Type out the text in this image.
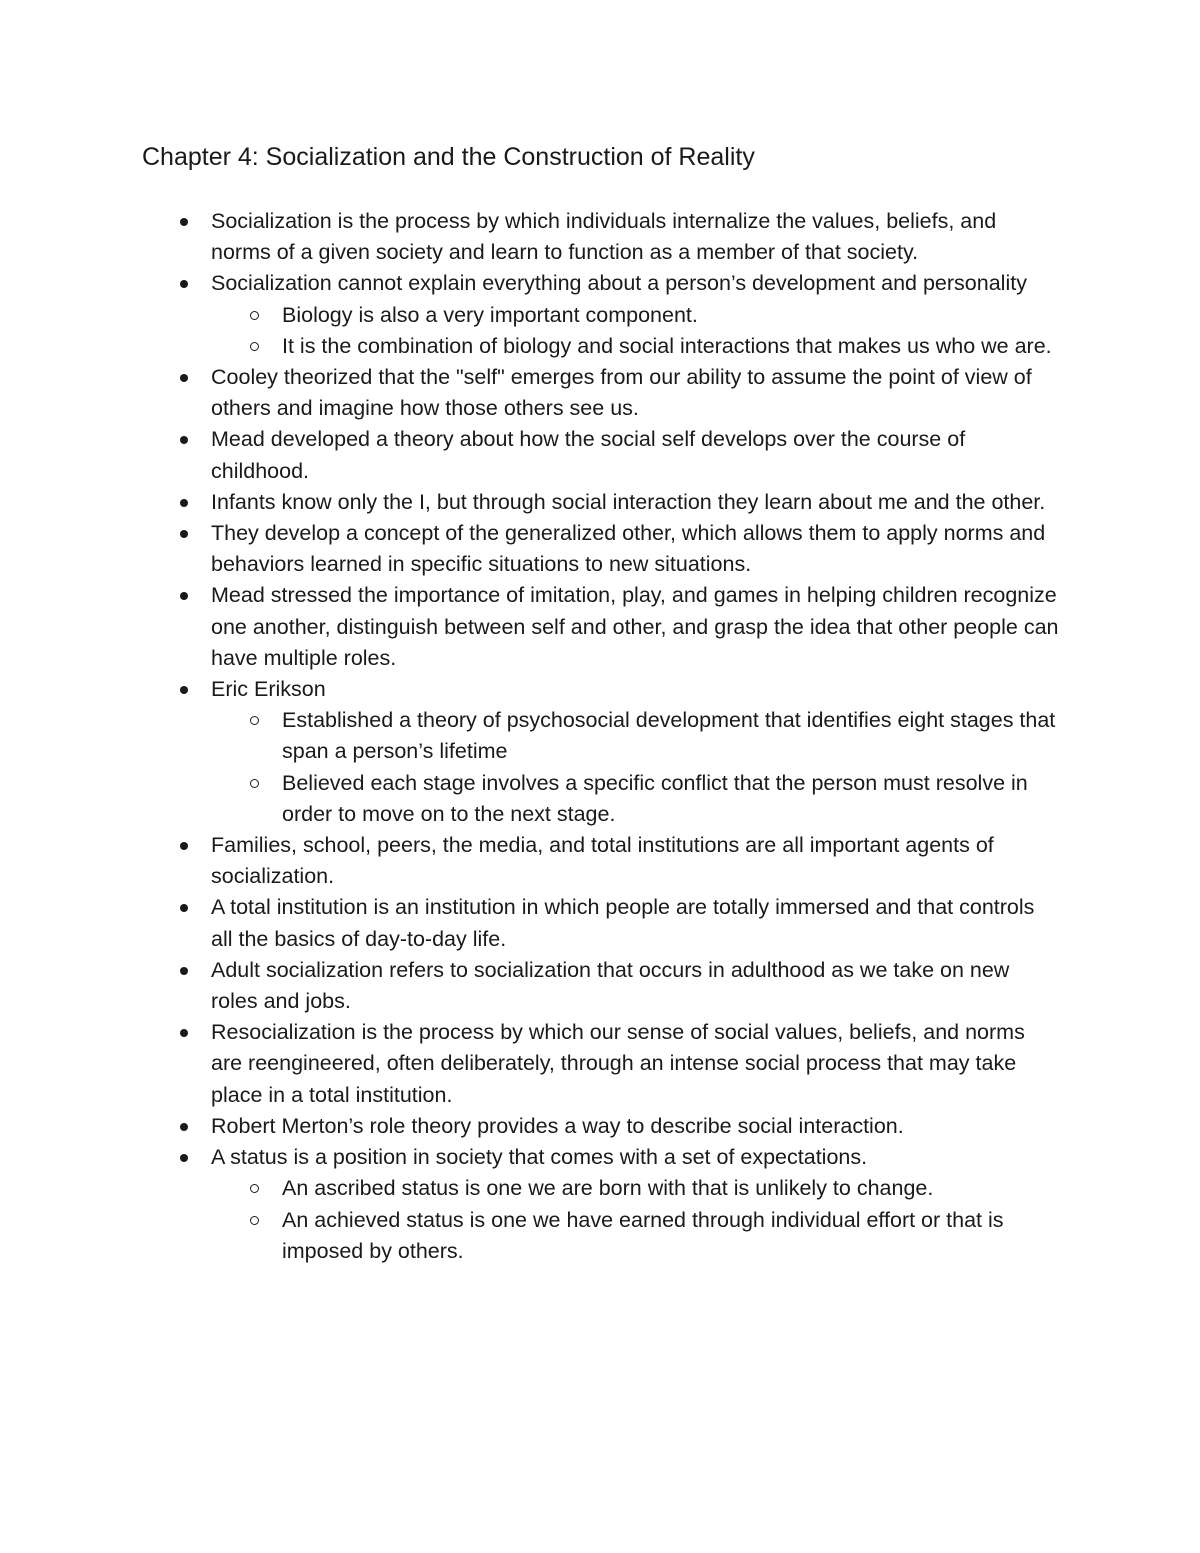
Chapter 4: Socialization and the Construction of Reality
Socialization is the process by which individuals internalize the values, beliefs, and norms of a given society and learn to function as a member of that society.
Socialization cannot explain everything about a person’s development and personality
Biology is also a very important component.
It is the combination of biology and social interactions that makes us who we are.
Cooley theorized that the "self" emerges from our ability to assume the point of view of others and imagine how those others see us.
Mead developed a theory about how the social self develops over the course of childhood.
Infants know only the I, but through social interaction they learn about me and the other.
They develop a concept of the generalized other, which allows them to apply norms and behaviors learned in specific situations to new situations.
Mead stressed the importance of imitation, play, and games in helping children recognize one another, distinguish between self and other, and grasp the idea that other people can have multiple roles.
Eric Erikson
Established a theory of psychosocial development that identifies eight stages that span a person’s lifetime
Believed each stage involves a specific conflict that the person must resolve in order to move on to the next stage.
Families, school, peers, the media, and total institutions are all important agents of socialization.
A total institution is an institution in which people are totally immersed and that controls all the basics of day-to-day life.
Adult socialization refers to socialization that occurs in adulthood as we take on new roles and jobs.
Resocialization is the process by which our sense of social values, beliefs, and norms are reengineered, often deliberately, through an intense social process that may take place in a total institution.
Robert Merton’s role theory provides a way to describe social interaction.
A status is a position in society that comes with a set of expectations.
An ascribed status is one we are born with that is unlikely to change.
An achieved status is one we have earned through individual effort or that is imposed by others.
